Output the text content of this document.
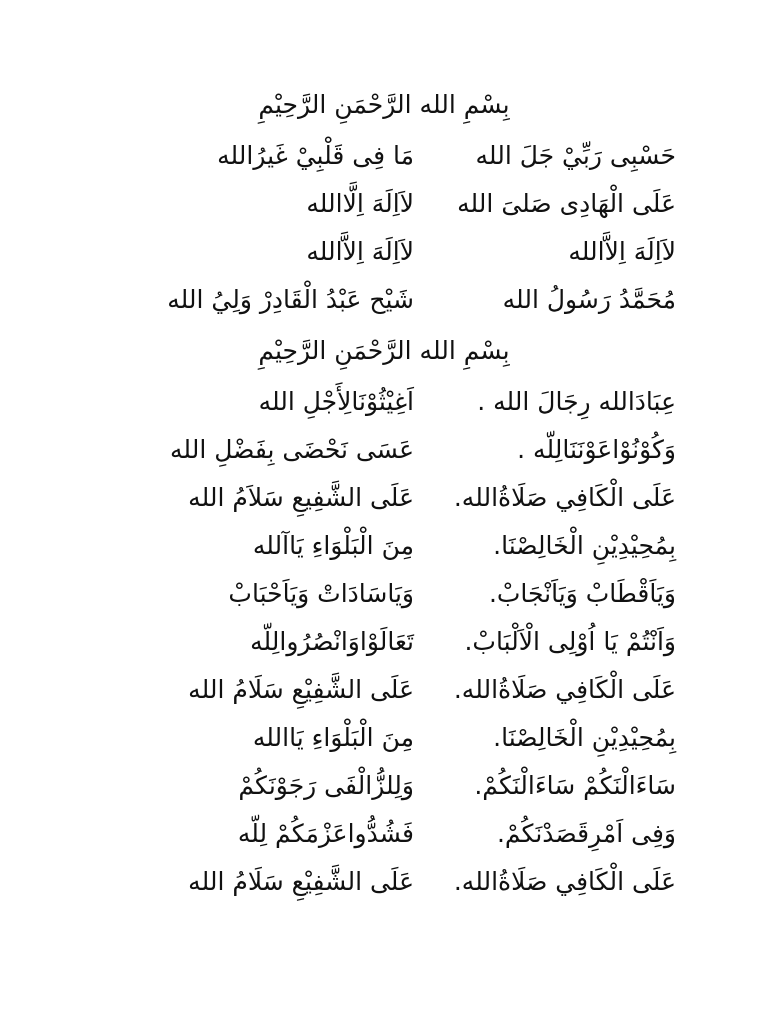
بِسْمِ الله الرَّحْمَنِ الرَّحِيْمِ
حَسْبِى رَبِّيْ جَلَ الله
مَا فِى قَلْبِيْ غَيرُالله
عَلَى الْهَادِى صَلىَ الله
لاَاِلَهَ اِلَّاالله
لاَاِلَهَ اِلاَّالله
لاَاِلَهَ اِلاَّالله
مُحَمَّدُ رَسُولُ الله
شَيْح عَبْدُ الْقَادِرْ وَلِيُ الله
بِسْمِ الله الرَّحْمَنِ الرَّحِيْمِ
عِبَادَالله رِجَالَ الله .
اَغِيْثُوْنَالِأَجْلِ الله
وَكُوْنُوْاعَوْنَنَالِلّه .
عَسَى نَحْضَى بِفَضْلِ الله
عَلَى الْكَافِي صَلَاةُالله.
عَلَى الشَّفِيعِ سَلاَمُ الله
بِمُحِيْدِيْنِ الْخَالِصْنَا.
مِنَ الْبَلْوَاءِ يَاآلله
وَيَاَقْطَابْ وَيَاَنْجَابْ.
وَيَاسَادَاتْ وَيَاَحْبَابْ
وَاَنْتُمْ يَا اُوْلِى الْاَلْبَابْ.
تَعَالَوْاوَانْصُرُوالِلّه
عَلَى الْكَافِي صَلَاةُالله.
عَلَى الشَّفِيْعِ سَلَامُ الله
بِمُحِيْدِيْنِ الْخَالِصْنَا.
مِنَ الْبَلْوَاءِ يَاالله
سَاءَالْنَكُمْ سَاءَالْنَكُمْ.
وَلِلزُّالْفَى رَجَوْنَكُمْ
وَفِى اَمْرِقَصَدْنَكُمْ.
فَشُدُّواعَزْمَكُمْ لِلّه
عَلَى الْكَافِي صَلَاةُالله.
عَلَى الشَّفِيْعِ سَلَامُ الله
